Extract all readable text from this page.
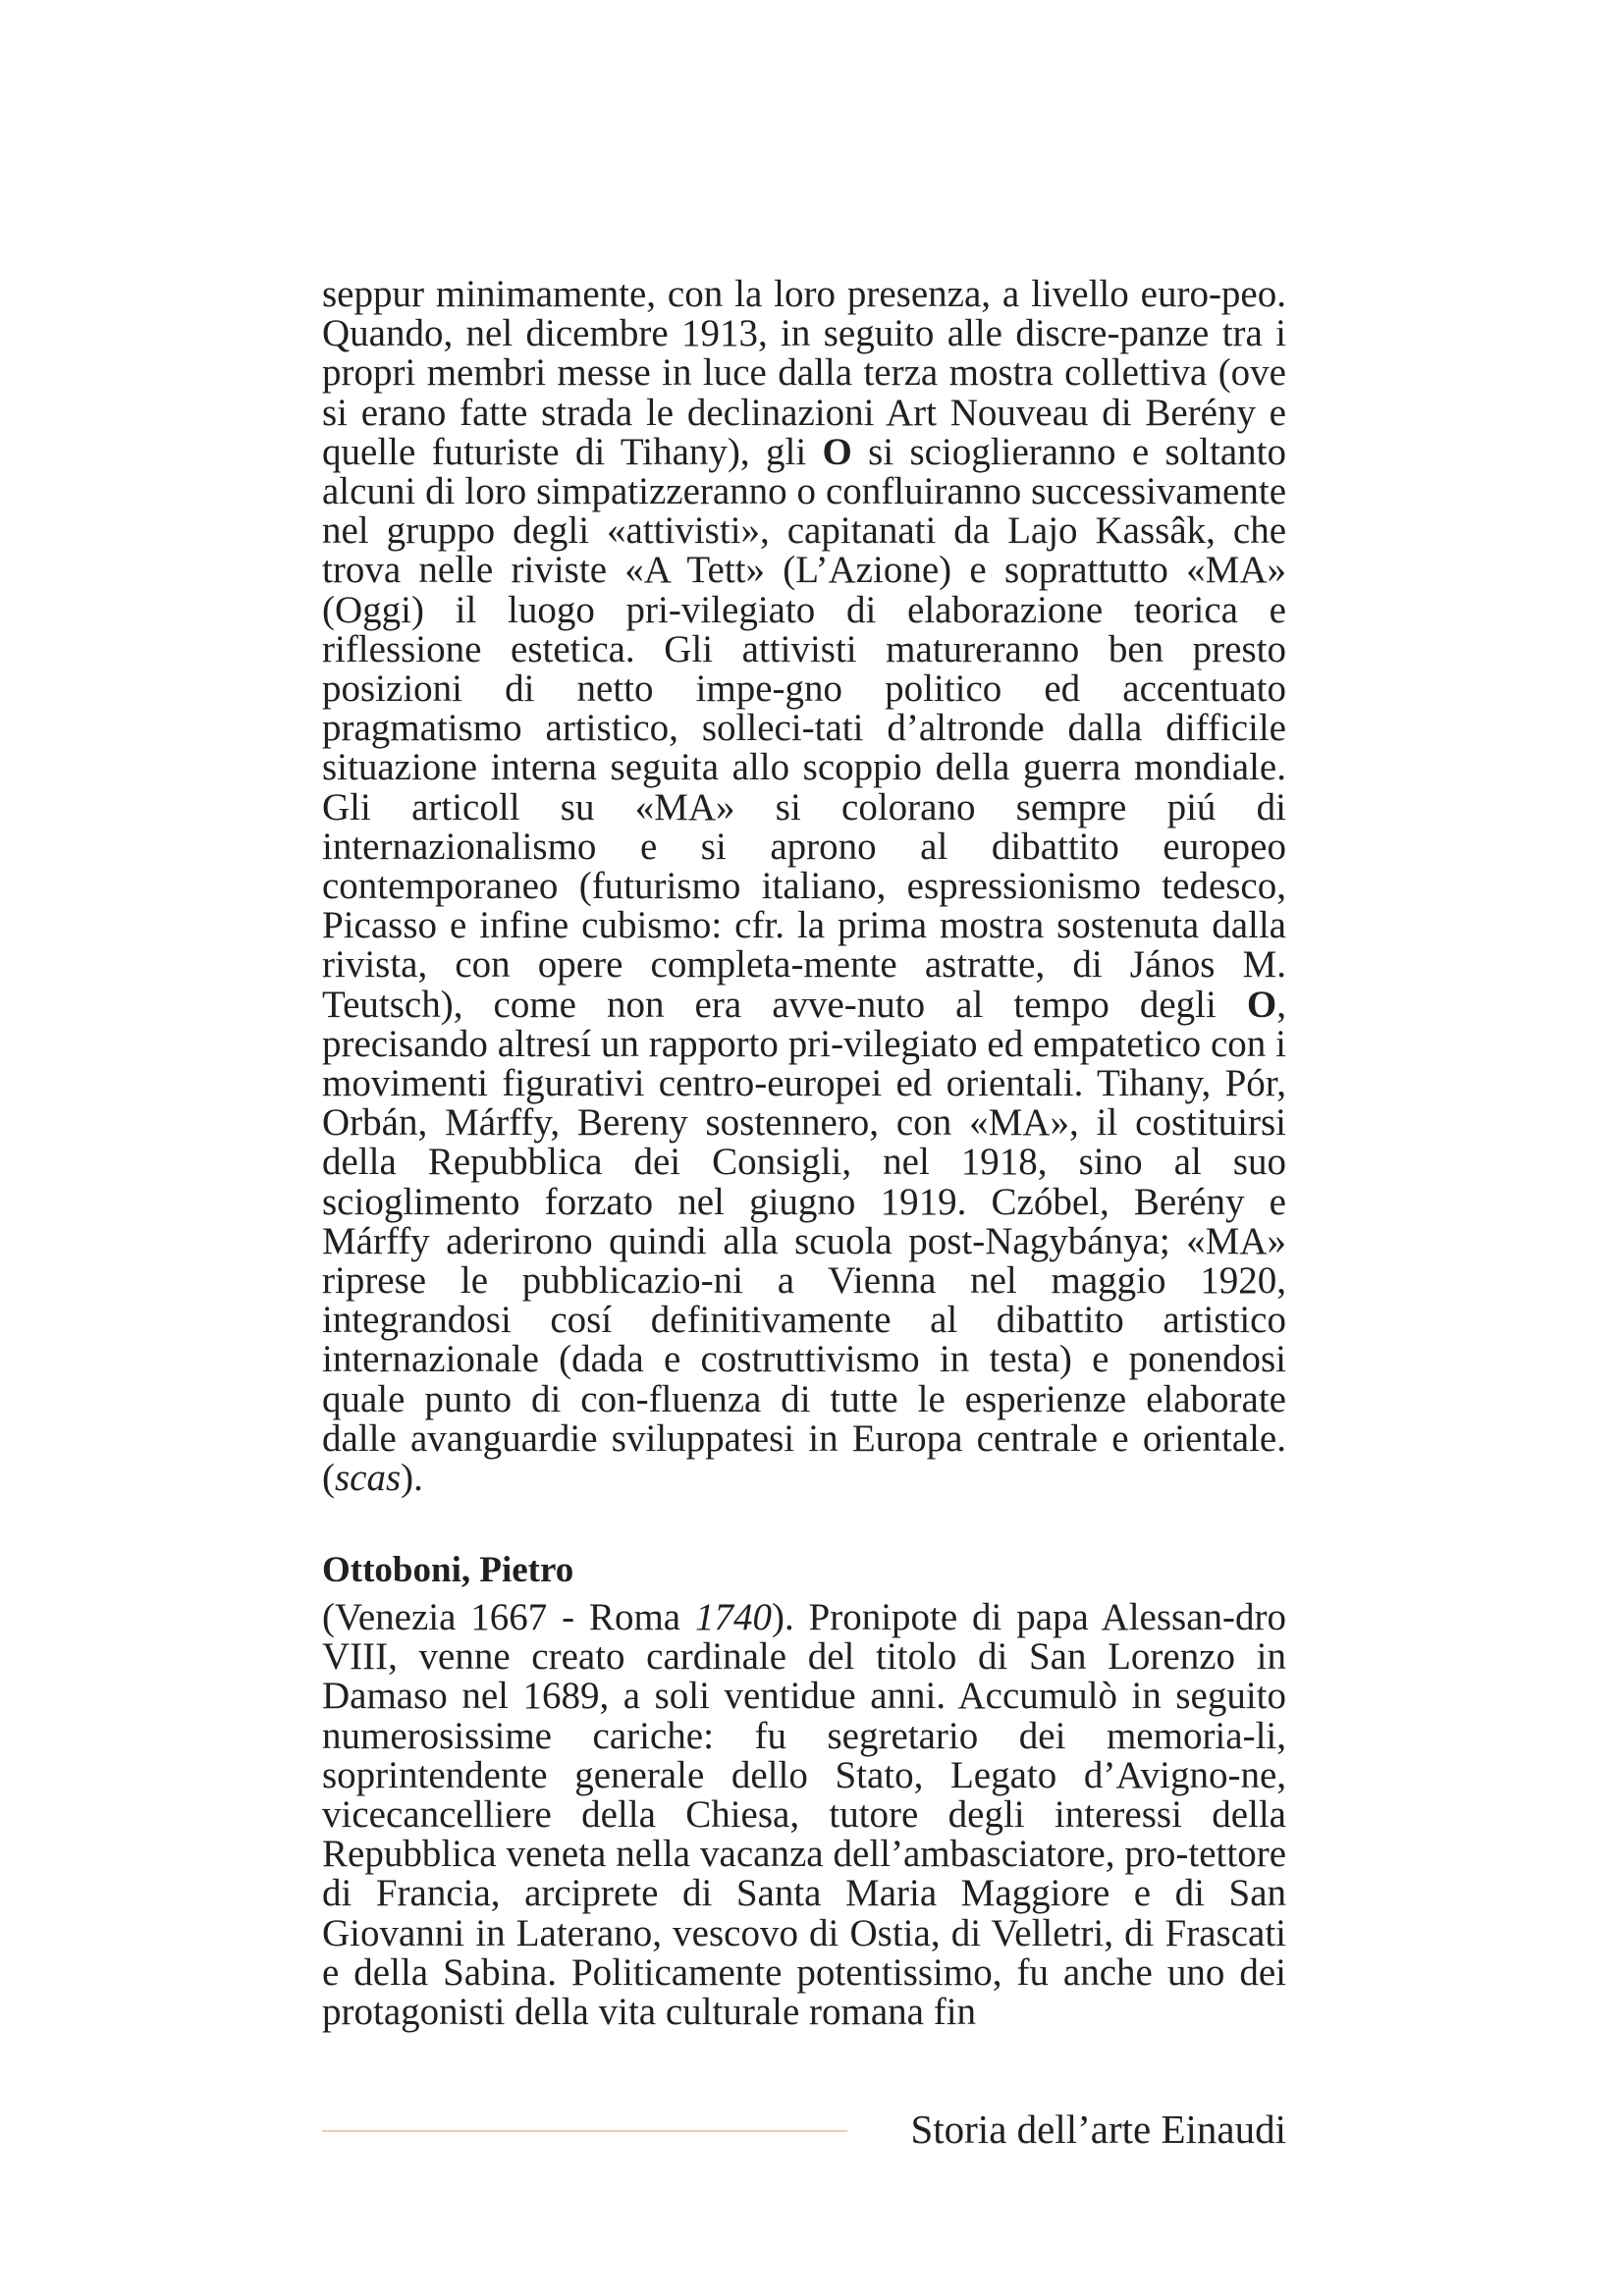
seppur minimamente, con la loro presenza, a livello euro-peo. Quando, nel dicembre 1913, in seguito alle discre-panze tra i propri membri messe in luce dalla terza mostra collettiva (ove si erano fatte strada le declinazioni Art Nouveau di Berény e quelle futuriste di Tihany), gli O si scioglieranno e soltanto alcuni di loro simpatizzeranno o confluiranno successivamente nel gruppo degli «attivisti», capitanati da Lajo Kassâk, che trova nelle riviste «A Tett» (L’Azione) e soprattutto «MA» (Oggi) il luogo pri-vilegiato di elaborazione teorica e riflessione estetica. Gli attivisti matureranno ben presto posizioni di netto impe-gno politico ed accentuato pragmatismo artistico, solleci-tati d’altronde dalla difficile situazione interna seguita allo scoppio della guerra mondiale. Gli articoll su «MA» si colorano sempre piú di internazionalismo e si aprono al dibattito europeo contemporaneo (futurismo italiano, espressionismo tedesco, Picasso e infine cubismo: cfr. la prima mostra sostenuta dalla rivista, con opere completa-mente astratte, di János M. Teutsch), come non era avve-nuto al tempo degli O, precisando altresí un rapporto pri-vilegiato ed empatetico con i movimenti figurativi centro-europei ed orientali. Tihany, Pór, Orbán, Márffy, Bereny sostennero, con «MA», il costituirsi della Repubblica dei Consigli, nel 1918, sino al suo scioglimento forzato nel giugno 1919. Czóbel, Berény e Márffy aderirono quindi alla scuola post-Nagybánya; «MA» riprese le pubblicazio-ni a Vienna nel maggio 1920, integrandosi cosí definitivamente al dibattito artistico internazionale (dada e costruttivismo in testa) e ponendosi quale punto di con-fluenza di tutte le esperienze elaborate dalle avanguardie sviluppatesi in Europa centrale e orientale. (scas).

Ottoboni, Pietro

(Venezia 1667 - Roma 1740). Pronipote di papa Alessan-dro VIII, venne creato cardinale del titolo di San Lorenzo in Damaso nel 1689, a soli ventidue anni. Accumulò in seguito numerosissime cariche: fu segretario dei memoria-li, soprintendente generale dello Stato, Legato d’Avigno-ne, vicecancelliere della Chiesa, tutore degli interessi della Repubblica veneta nella vacanza dell’ambasciatore, pro-tettore di Francia, arciprete di Santa Maria Maggiore e di San Giovanni in Laterano, vescovo di Ostia, di Velletri, di Frascati e della Sabina. Politicamente potentissimo, fu anche uno dei protagonisti della vita culturale romana fin

Storia dell’arte Einaudi
